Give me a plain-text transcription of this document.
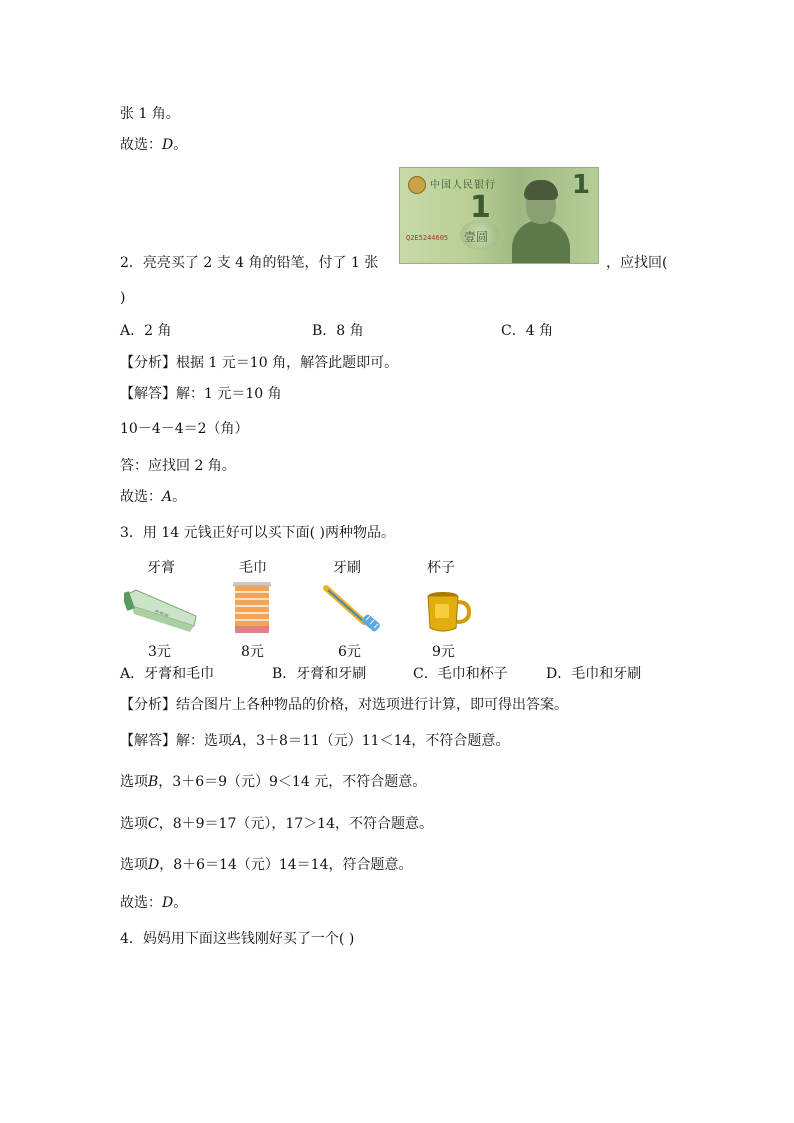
张 1 角。
故选：D。
中国人民银行	1
1
壹圆
Q2E5244605
2．亮亮买了 2 支 4 角的铅笔，付了 1 张	，应找回(
)
A．2 角	B．8 角	C．4 角
【分析】根据 1 元＝10 角，解答此题即可。
【解答】解：1 元＝10 角
10－4－4＝2（角）
答：应找回 2 角。
故选：A。
3．用 14 元钱正好可以买下面( )两种物品。
牙膏	毛巾	牙刷	杯子
≈≈≈
3元	8元	6元	9元
A．牙膏和毛巾	B．牙膏和牙刷	C．毛巾和杯子	D．毛巾和牙刷
【分析】结合图片上各种物品的价格，对选项进行计算，即可得出答案。
【解答】解：选项A，3＋8＝11（元）11＜14，不符合题意。
选项B，3＋6＝9（元）9＜14 元，不符合题意。
选项C，8＋9＝17（元），17＞14，不符合题意。
选项D，8＋6＝14（元）14＝14，符合题意。
故选：D。
4．妈妈用下面这些钱刚好买了一个( )
